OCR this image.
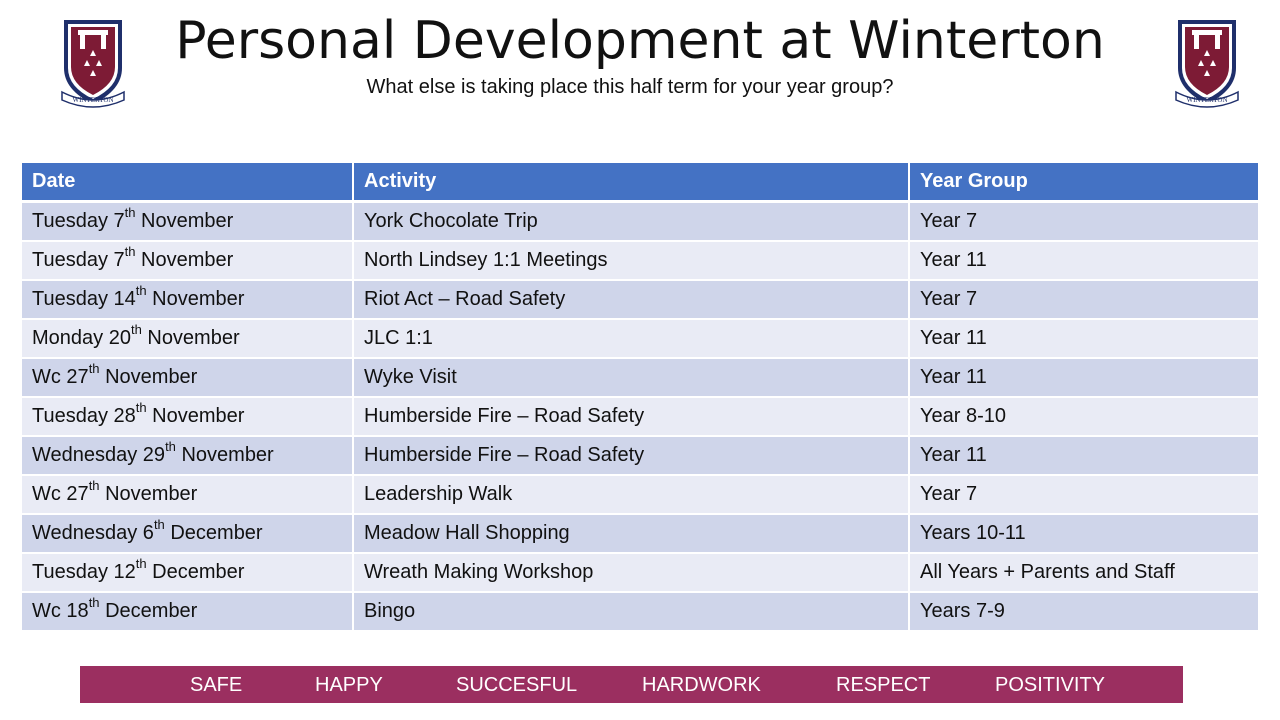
WINTERTON	WINTERTON
Personal Development at Winterton
What else is taking place this half term for your year group?
Date	Activity	Year Group
Tuesday 7th November	York Chocolate Trip	Year 7
Tuesday 7th November	North Lindsey 1:1 Meetings	Year 11
Tuesday 14th November	Riot Act – Road Safety	Year 7
Monday 20th November	JLC 1:1	Year 11
Wc 27th November	Wyke Visit	Year 11
Tuesday 28th November	Humberside Fire – Road Safety	Year 8-10
Wednesday 29th November	Humberside Fire – Road Safety	Year 11
Wc 27th November	Leadership Walk	Year 7
Wednesday 6th December	Meadow Hall Shopping	Years 10-11
Tuesday 12th December	Wreath Making Workshop	All Years + Parents and Staff
Wc 18th December	Bingo	Years 7-9
SAFE	HAPPY	SUCCESFUL	HARDWORK	RESPECT	POSITIVITY
